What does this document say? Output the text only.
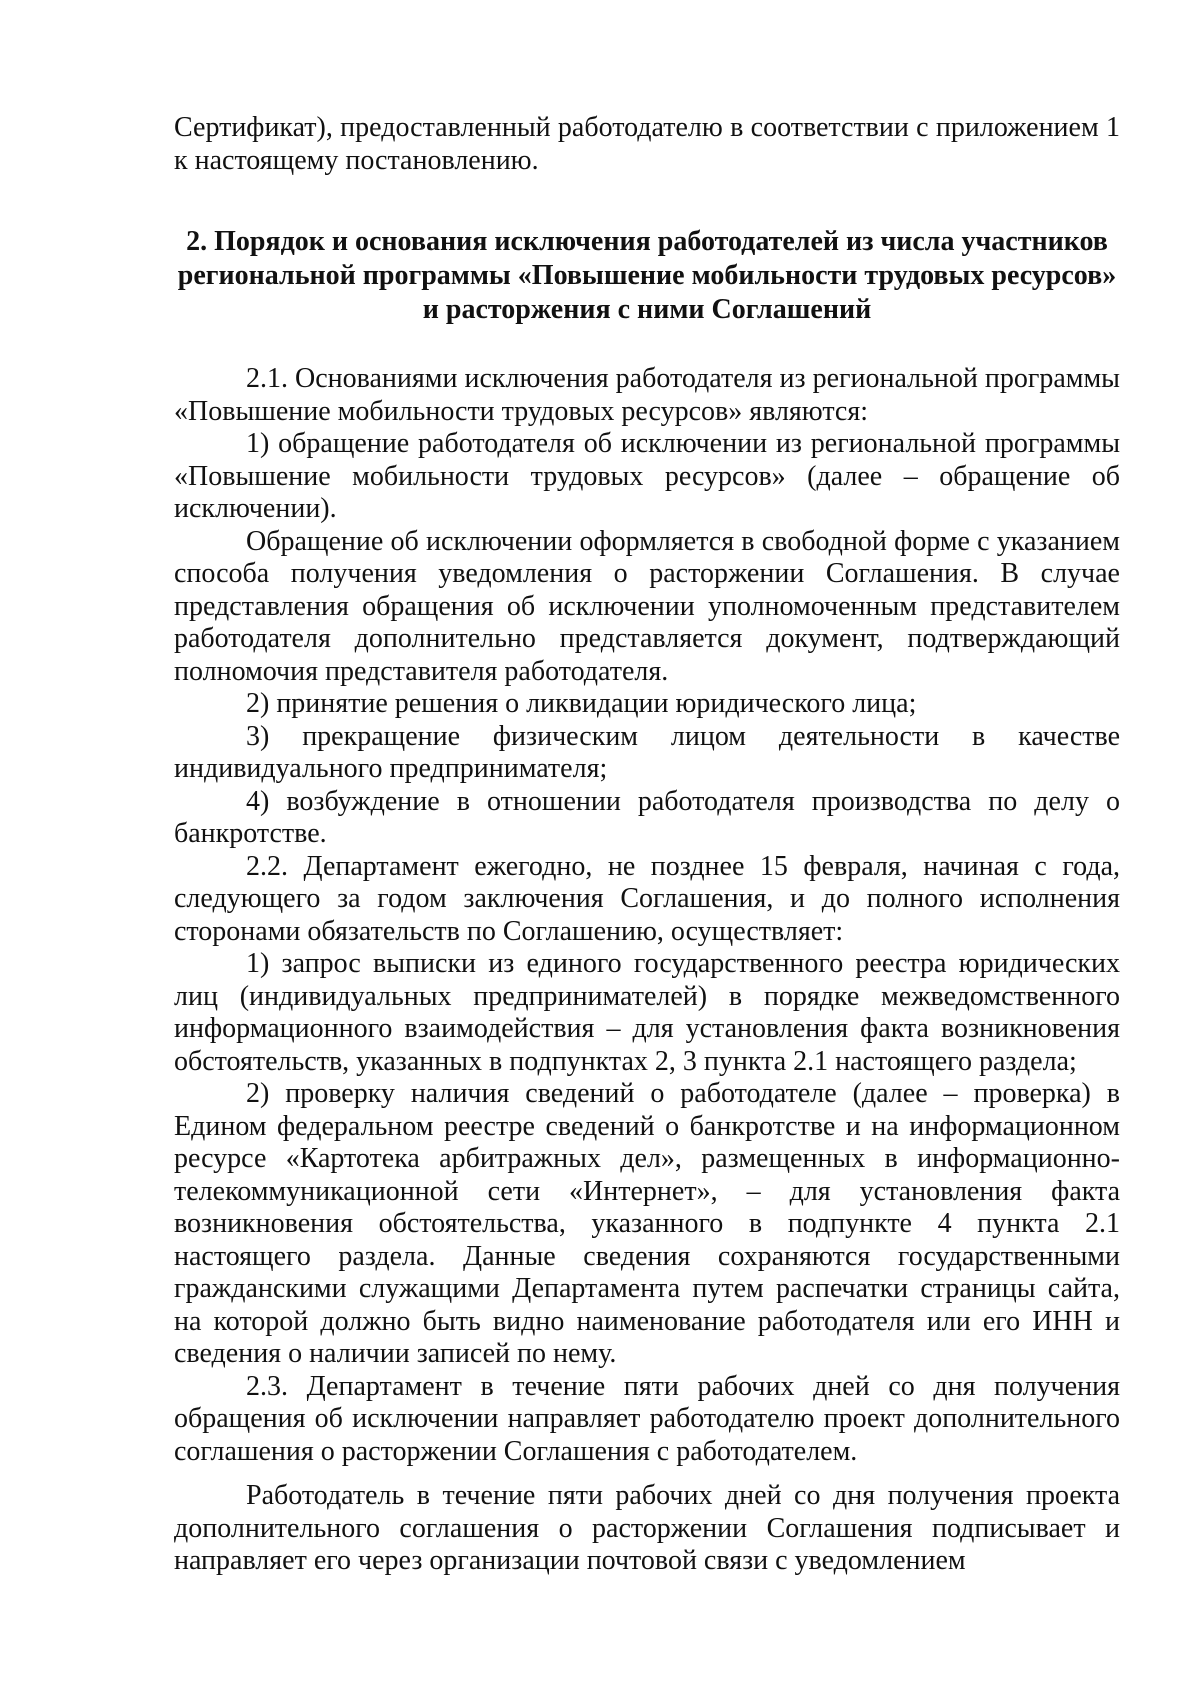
Сертификат), предоставленный работодателю в соответствии с приложением 1 к настоящему постановлению.

2. Порядок и основания исключения работодателей из числа участников региональной программы «Повышение мобильности трудовых ресурсов» и расторжения с ними Соглашений

2.1. Основаниями исключения работодателя из региональной программы «Повышение мобильности трудовых ресурсов» являются:

1) обращение работодателя об исключении из региональной программы «Повышение мобильности трудовых ресурсов» (далее – обращение об исключении).

Обращение об исключении оформляется в свободной форме с указанием способа получения уведомления о расторжении Соглашения. В случае представления обращения об исключении уполномоченным представителем работодателя дополнительно представляется документ, подтверждающий полномочия представителя работодателя.

2) принятие решения о ликвидации юридического лица;

3) прекращение физическим лицом деятельности в качестве индивидуального предпринимателя;

4) возбуждение в отношении работодателя производства по делу о банкротстве.

2.2. Департамент ежегодно, не позднее 15 февраля, начиная с года, следующего за годом заключения Соглашения, и до полного исполнения сторонами обязательств по Соглашению, осуществляет:

1) запрос выписки из единого государственного реестра юридических лиц (индивидуальных предпринимателей) в порядке межведомственного информационного взаимодействия – для установления факта возникновения обстоятельств, указанных в подпунктах 2, 3 пункта 2.1 настоящего раздела;

2) проверку наличия сведений о работодателе (далее – проверка) в Едином федеральном реестре сведений о банкротстве и на информационном ресурсе «Картотека арбитражных дел», размещенных в информационно-телекоммуникационной сети «Интернет», – для установления факта возникновения обстоятельства, указанного в подпункте 4 пункта 2.1 настоящего раздела. Данные сведения сохраняются государственными гражданскими служащими Департамента путем распечатки страницы сайта, на которой должно быть видно наименование работодателя или его ИНН и сведения о наличии записей по нему.

2.3. Департамент в течение пяти рабочих дней со дня получения обращения об исключении направляет работодателю проект дополнительного соглашения о расторжении Соглашения с работодателем.

Работодатель в течение пяти рабочих дней со дня получения проекта дополнительного соглашения о расторжении Соглашения подписывает и направляет его через организации почтовой связи с уведомлением
